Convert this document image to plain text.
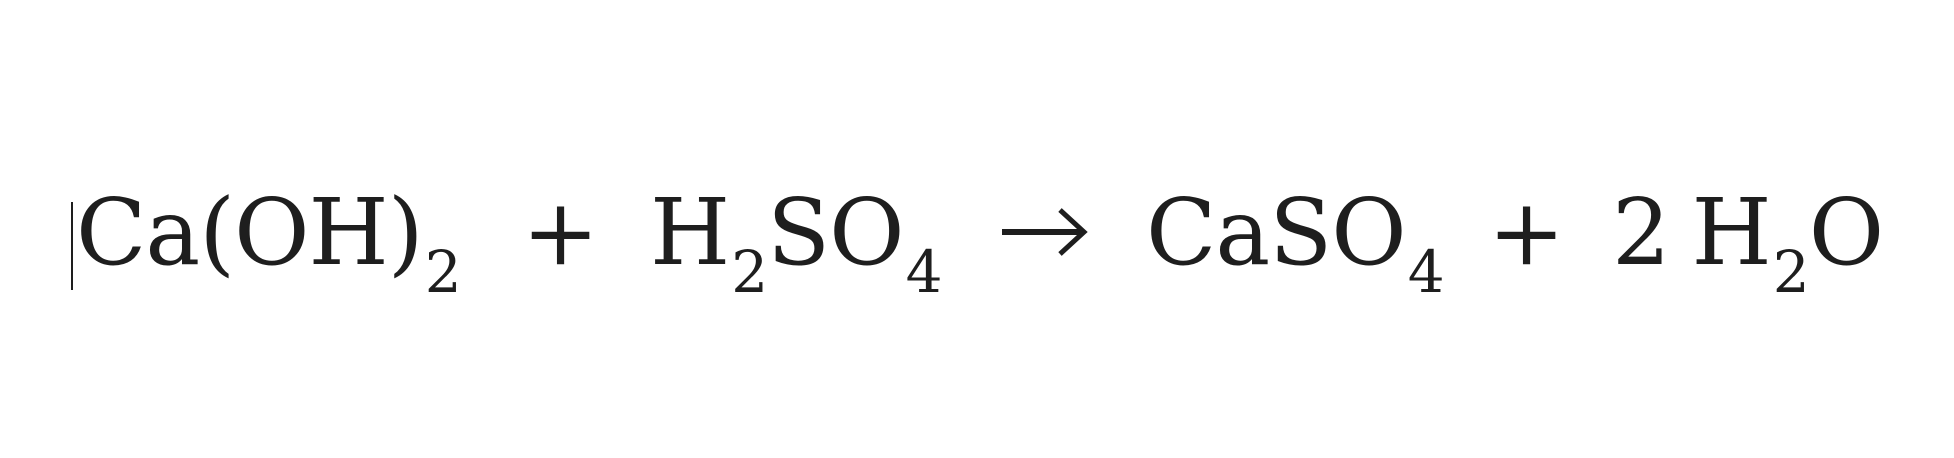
$Ca(OH)_2 + H_2SO_4$ CaSO$_4$ + 2 $H_2O$
